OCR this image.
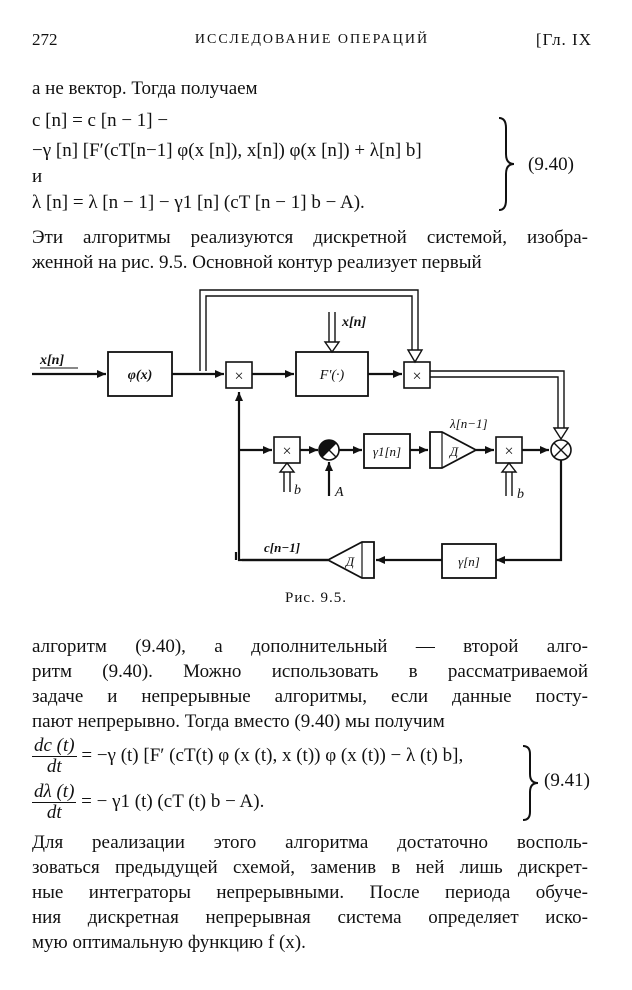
272	ИССЛЕДОВАНИЕ ОПЕРАЦИЙ	[Гл. IX
а не вектор. Тогда получаем
c [n] = c [n − 1] −
−γ [n] [F′(cT[n−1] φ(x [n]), x[n]) φ(x [n]) + λ[n] b]
и
λ [n] = λ [n − 1] − γ1 [n] (cT [n − 1] b − A).
(9.40)
Эти алгоритмы реализуются дискретной системой, изобра-
женной на рис. 9.5. Основной контур реализует первый
x[n]
φ(x)	×	F′(·)
x[n]
×
×
b A
γ1[n]	Д
λ[n−1]
×
b
γ[n]
Д
c[n−1]
Рис. 9.5.
алгоритм (9.40), а дополнительный — второй алго-
ритм (9.40). Можно использовать в рассматриваемой
задаче и непрерывные алгоритмы, если данные посту-
пают непрерывно. Тогда вместо (9.40) мы получим
$\frac{dc (t)}{dt} = -\gamma$ (t) [F′ (cT(t) φ (x (t), x (t)) φ (x (t)) − λ (t) b],
$\frac{d\lambda (t)}{dt}$ = − γ1 (t) (cT (t) b − A).
(9.41)
Для реализации этого алгоритма достаточно восполь-
зоваться предыдущей схемой, заменив в ней лишь дискрет-
ные интеграторы непрерывными. После периода обуче-
ния дискретная непрерывная система определяет иско-
мую оптимальную функцию f (x).
